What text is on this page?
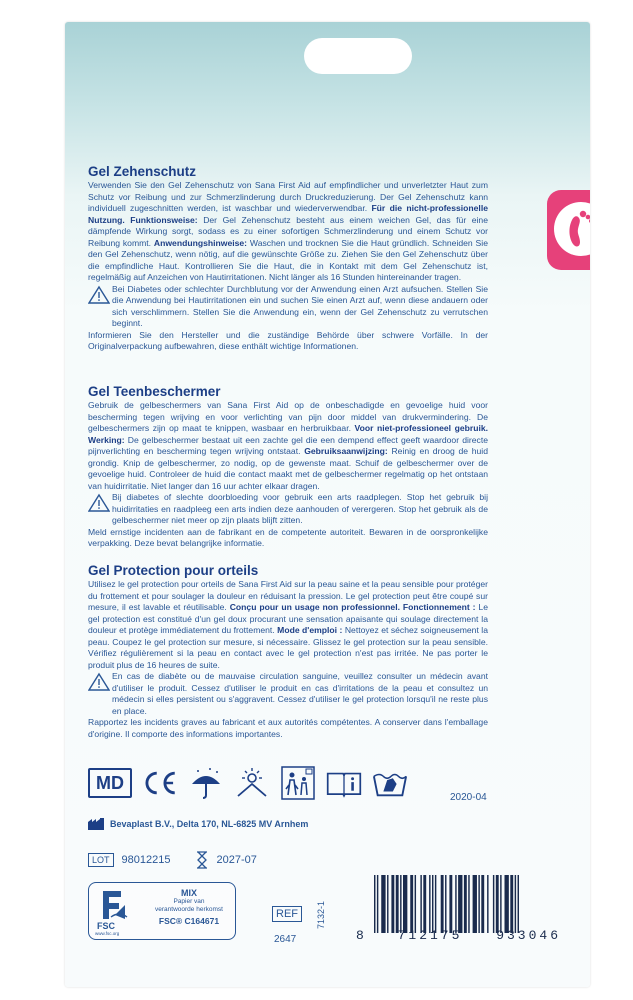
Gel Zehenschutz
Verwenden Sie den Gel Zehenschutz von Sana First Aid auf empfindlicher und unverletzter Haut zum Schutz vor Reibung und zur Schmerzlinderung durch Druckreduzierung. Der Gel Zehenschutz kann individuell zugeschnitten werden, ist waschbar und wiederverwendbar. Für die nicht-professionelle Nutzung. Funktionsweise: Der Gel Zehenschutz besteht aus einem weichen Gel, das für eine dämpfende Wirkung sorgt, sodass es zu einer sofortigen Schmerzlinderung und einem Schutz vor Reibung kommt. Anwendungshinweise: Waschen und trocknen Sie die Haut gründlich. Schneiden Sie den Gel Zehenschutz, wenn nötig, auf die gewünschte Größe zu. Ziehen Sie den Gel Zehenschutz über die empfindliche Haut. Kontrollieren Sie die Haut, die in Kontakt mit dem Gel Zehenschutz ist, regelmäßig auf Anzeichen von Hautirritationen. Nicht länger als 16 Stunden hintereinander tragen.
Bei Diabetes oder schlechter Durchblutung vor der Anwendung einen Arzt aufsuchen. Stellen Sie die Anwendung bei Hautirritationen ein und suchen Sie einen Arzt auf, wenn diese andauern oder sich verschlimmern. Stellen Sie die Anwendung ein, wenn der Gel Zehenschutz zu verrutschen beginnt.
Informieren Sie den Hersteller und die zuständige Behörde über schwere Vorfälle. In der Originalverpackung aufbewahren, diese enthält wichtige Informationen.
Gel Teenbeschermer
Gebruik de gelbeschermers van Sana First Aid op de onbeschadigde en gevoelige huid voor bescherming tegen wrijving en voor verlichting van pijn door middel van drukvermindering. De gelbeschermers zijn op maat te knippen, wasbaar en herbruikbaar. Voor niet-professioneel gebruik. Werking: De gelbeschermer bestaat uit een zachte gel die een dempend effect geeft waardoor directe pijnverlichting en bescherming tegen wrijving ontstaat. Gebruiksaanwijzing: Reinig en droog de huid grondig. Knip de gelbeschermer, zo nodig, op de gewenste maat. Schuif de gelbeschermer over de gevoelige huid. Controleer de huid die contact maakt met de gelbeschermer regelmatig op het ontstaan van huidirritatie. Niet langer dan 16 uur achter elkaar dragen.
Bij diabetes of slechte doorbloeding voor gebruik een arts raadplegen. Stop het gebruik bij huidirritaties en raadpleeg een arts indien deze aanhouden of verergeren. Stop het gebruik als de gelbeschermer niet meer op zijn plaats blijft zitten.
Meld ernstige incidenten aan de fabrikant en de competente autoriteit. Bewaren in de oorspronkelijke verpakking. Deze bevat belangrijke informatie.
Gel Protection pour orteils
Utilisez le gel protection pour orteils de Sana First Aid sur la peau saine et la peau sensible pour protéger du frottement et pour soulager la douleur en réduisant la pression. Le gel protection peut être coupé sur mesure, il est lavable et réutilisable. Conçu pour un usage non professionnel. Fonctionnement : Le gel protection est constitué d'un gel doux procurant une sensation apaisante qui soulage directement la douleur et protège immédiatement du frottement. Mode d'emploi : Nettoyez et séchez soigneusement la peau. Coupez le gel protection sur mesure, si nécessaire. Glissez le gel protection sur la peau sensible. Vérifiez régulièrement si la peau en contact avec le gel protection n'est pas irritée. Ne pas porter le produit plus de 16 heures de suite.
En cas de diabète ou de mauvaise circulation sanguine, veuillez consulter un médecin avant d'utiliser le produit. Cessez d'utiliser le produit en cas d'irritations de la peau et consultez un médecin si elles persistent ou s'aggravent. Cessez d'utiliser le gel protection lorsqu'il ne reste plus en place.
Rapportez les incidents graves au fabricant et aux autorités compétentes. A conserver dans l'emballage d'origine. Il comporte des informations importantes.
MD
2020-04
Bevaplast B.V., Delta 170, NL-6825 MV Arnhem
LOT	98012215	2027-07
FSC
www.fsc.org
MIX
Papier van
verantwoorde herkomst
FSC® C164671
REF
2647
7132-1
8	712175	933046
